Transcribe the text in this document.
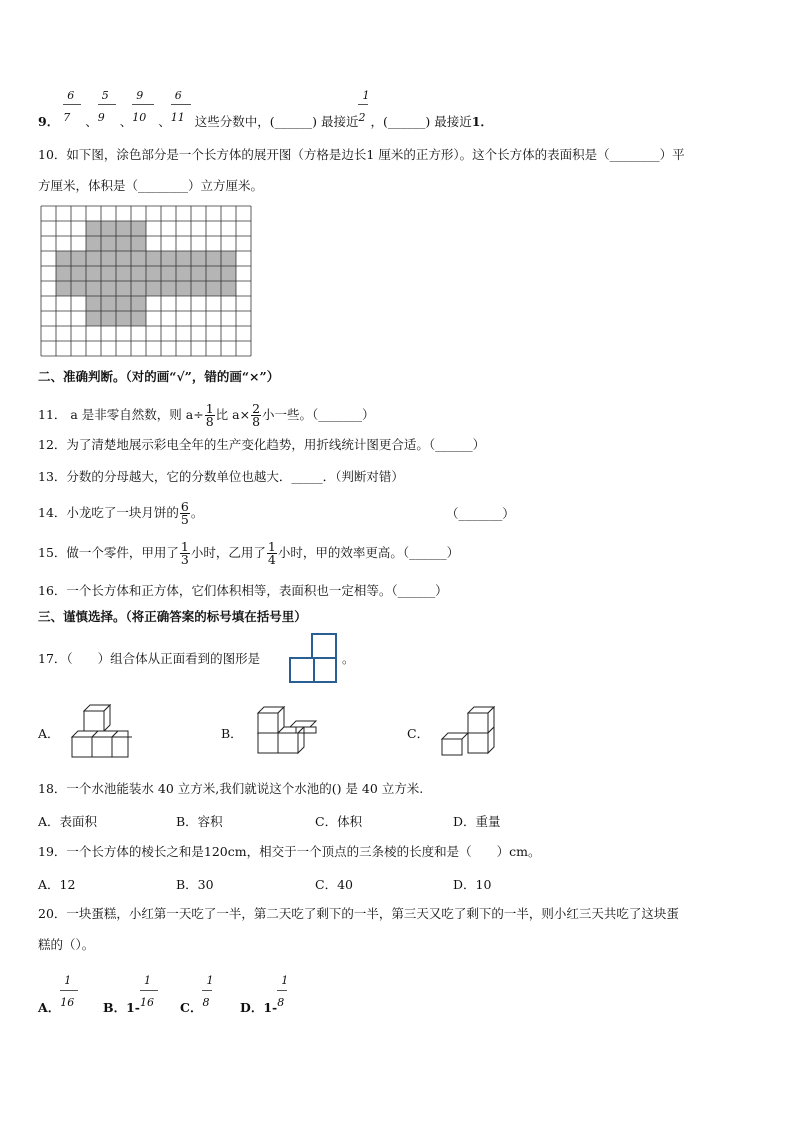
9．
6
7 、
5
9 、 $\frac{9}{10}$ 、 $\frac{6}{11}$ 这些分数中，(______) 最接近
1
2 ，(______) 最接近1．
10．如下图，涂色部分是一个长方体的展开图（方格是边长1 厘米的正方形）。这个长方体的表面积是（________）平
方厘米，体积是（________）立方厘米。
二、准确判断。（对的画“√”，错的画“×”）
11． a 是非零自然数，则 $a\div \frac{1}{8}$ 比 $a\times \frac{2}{8}$ 小一些。（_______）
12．为了清楚地展示彩电全年的生产变化趋势，用折线统计图更合适。（______）
13．分数的分母越大，它的分数单位也越大．_____．（判断对错）
14．小龙吃了一块月饼的 $\frac{6}{5}$ 。	（_______）
15．做一个零件，甲用了 $\frac{1}{3}$ 小时，乙用了 $\frac{1}{4}$ 小时，甲的效率更高。（______）
16．一个长方体和正方体，它们体积相等，表面积也一定相等。（______）
三、谨慎选择。（将正确答案的标号填在括号里）
17．（　　）组合体从正面看到的图形是	。
A．	B．	C．
18．一个水池能装水 40 立方米,我们就说这个水池的() 是 40 立方米.
A．表面积	B．容积	C．体积	D．重量
19．一个长方体的棱长之和是120cm，相交于一个顶点的三条棱的长度和是（　　）cm。
A．12	B．30	C．40	D．10
20．一块蛋糕，小红第一天吃了一半，第二天吃了剩下的一半，第三天又吃了剩下的一半，则小红三天共吃了这块蛋
糕的（）。
A． $\frac{1}{16}$ B．$1- \frac{1}{16}$ C．
1
8 D．1-
1
8
